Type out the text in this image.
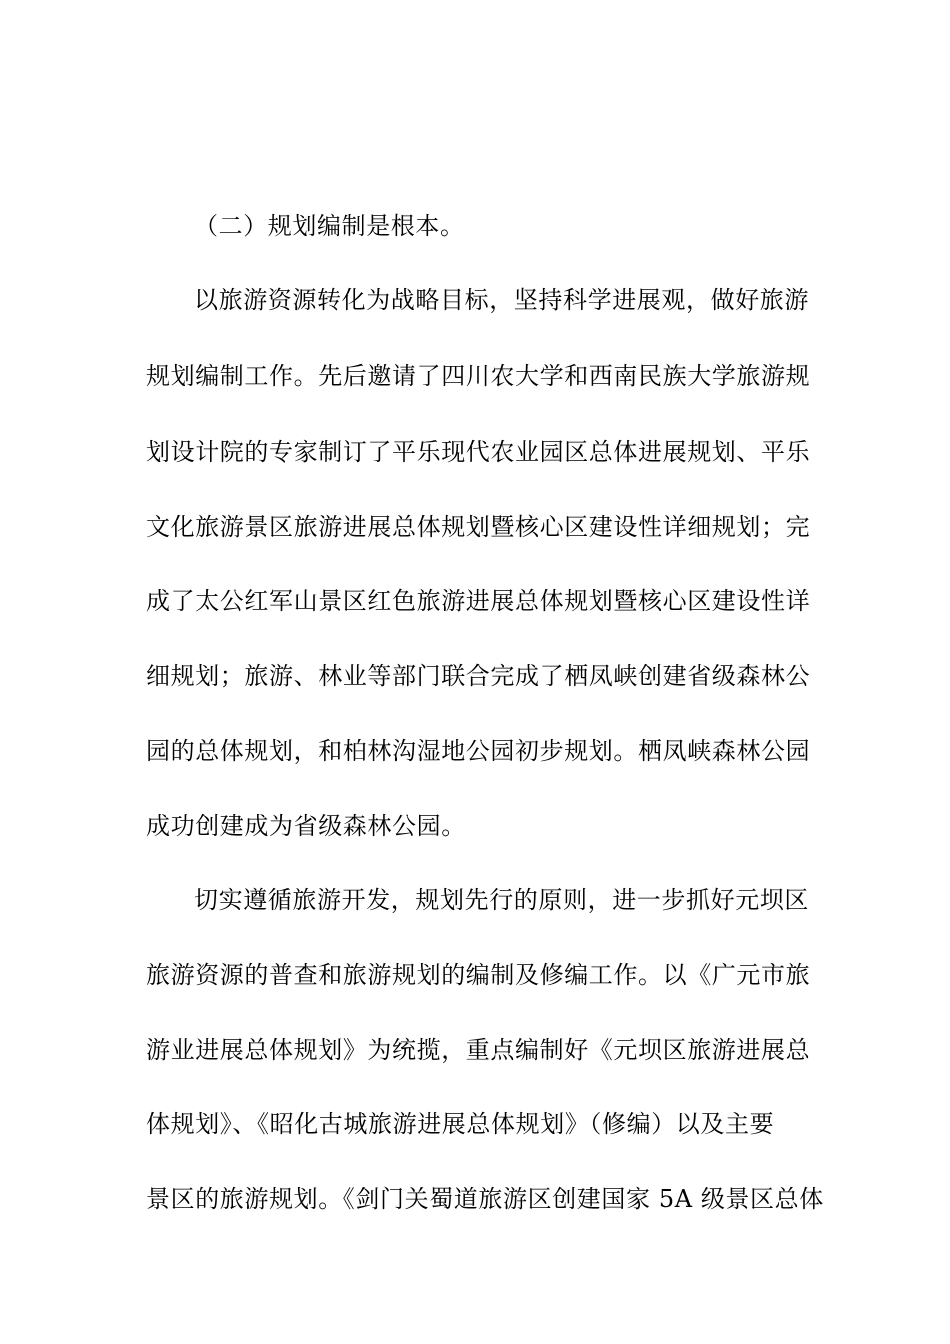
（二）规划编制是根本。
以旅游资源转化为战略目标，坚持科学进展观，做好旅游
规划编制工作。先后邀请了四川农大学和西南民族大学旅游规
划设计院的专家制订了平乐现代农业园区总体进展规划、平乐
文化旅游景区旅游进展总体规划暨核心区建设性详细规划；完
成了太公红军山景区红色旅游进展总体规划暨核心区建设性详
细规划；旅游、林业等部门联合完成了栖凤峡创建省级森林公
园的总体规划，和柏林沟湿地公园初步规划。栖凤峡森林公园
成功创建成为省级森林公园。
切实遵循旅游开发，规划先行的原则，进一步抓好元坝区
旅游资源的普查和旅游规划的编制及修编工作。以《广元市旅
游业进展总体规划》为统揽，重点编制好《元坝区旅游进展总
体规划》、《昭化古城旅游进展总体规划》（修编）以及主要
景区的旅游规划。《剑门关蜀道旅游区创建国家 5A 级景区总体
